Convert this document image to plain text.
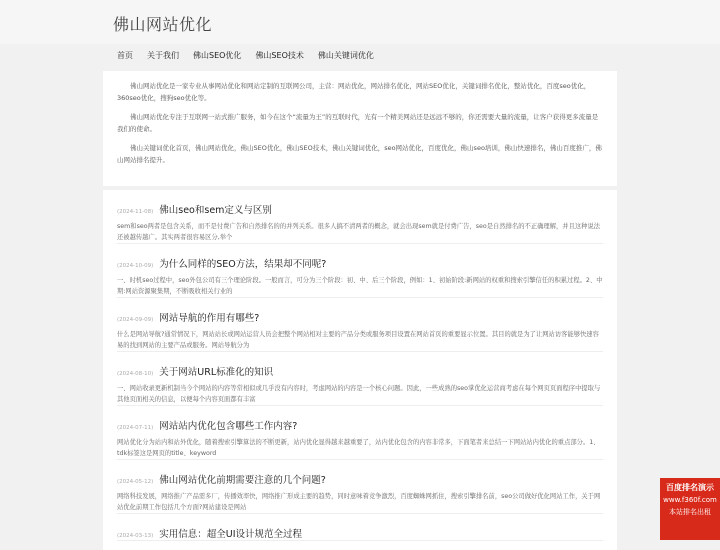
佛山网站优化
首页 关于我们 佛山SEO优化 佛山SEO技术 佛山关键词优化

佛山网站优化是一家专业从事网站优化和网站定制的互联网公司，主营：网站优化，网站排名优化，网站SEO优化，关键词排名优化，整站优化，百度seo优化，360seo优化，搜狗seo优化等。

佛山网站优化专注于互联网一站式推广服务，如今在这个“流量为王”的互联时代，光有一个精美网站还是远远不够的，你还需要大量的流量，让客户获得更多流量是我们的使命。

佛山关键词优化首页，佛山网站优化，佛山SEO优化，佛山SEO技术，佛山关键词优化，seo网站优化，百度优化，佛山seo培训，佛山快速排名，佛山百度推广，佛山网站排名提升。

(2024-11-08) 佛山seo和sem定义与区别
sem和seo两者是包含关系，而不是付费广告和自然排名的的并列关系。很多人搞不清两者的概念，就会出现sem就是付费广告，seo是自然排名的不正确理解，并且这种说法还被越传越广。其实两者很容易区分,举个
(2024-10-09) 为什么同样的SEO方法，结果却不同呢?
一、时机seo过程中，seo外包公司有三个理论阶段。一般而言，可分为三个阶段：初、中、后三个阶段，例如：1、初始阶段:新网站的权重和搜索引擎信任的积累过程。2、中期:网站资源聚集期，不断吸收相关行业的
(2024-09-09) 网站导航的作用有哪些?
什么是网站导航?通常情况下，网站站长或网站运营人员会把整个网站相对主要的产品分类或服务项目设置在网站首页的重要显示位置。其目的就是为了让网站访客能够快速容易的找到网站的主要产品或服务。网站导航分为
(2024-08-10) 关于网站URL标准化的知识
一、网站收录更新机制当今个网站的内容等常相似或几乎没有内容时，考虑网站的内容是一个核心问题。因此，一些成熟的seo掌优化运营商考虑在每个网页页面程序中提取与其他页面相关的信息，以便每个内容页面都有丰富
(2024-07-11) 网站站内优化包含哪些工作内容?
网站优化分为站内和站外优化，随着搜索引擎算法的不断更新，站内优化显得越来越重要了，站内优化包含的内容非常多，下面笔者来总结一下网站站内优化的重点部分。1、tdk标签这是网页的title、keyword
(2024-05-12) 佛山网站优化前期需要注意的几个问题?
网络科技发展，网络推广产品需多厂，传播效率快，网络推广形成主要的趋势，同时意味着竞争激烈，百度蜘蛛网抓住，搜索引擎排名前，seo公司做好优化网站工作，关于网站优化前期工作包括几个方面?网站建设是网站
(2024-03-13) 实用信息：超全UI设计规范全过程
百度排名演示
www.f360f.com
本站排名出租
